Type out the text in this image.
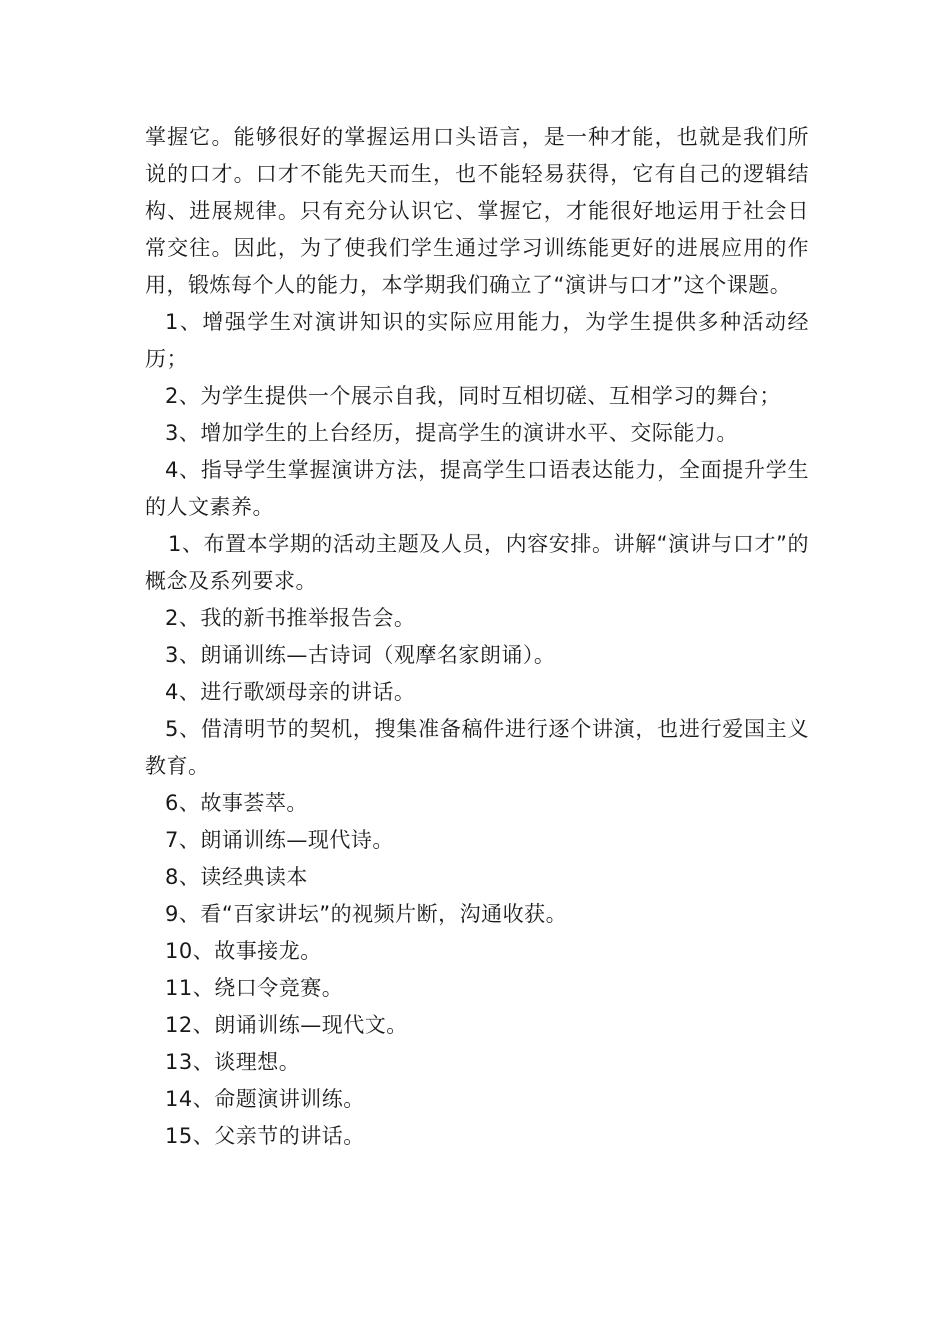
掌握它。能够很好的掌握运用口头语言，是一种才能，也就是我们所说的口才。口才不能先天而生，也不能轻易获得，它有自己的逻辑结构、进展规律。只有充分认识它、掌握它，才能很好地运用于社会日常交往。因此，为了使我们学生通过学习训练能更好的进展应用的作用，锻炼每个人的能力，本学期我们确立了“演讲与口才”这个课题。

1、增强学生对演讲知识的实际应用能力，为学生提供多种活动经历；

2、为学生提供一个展示自我，同时互相切磋、互相学习的舞台；

3、增加学生的上台经历，提高学生的演讲水平、交际能力。

4、指导学生掌握演讲方法，提高学生口语表达能力，全面提升学生的人文素养。

1、布置本学期的活动主题及人员，内容安排。讲解“演讲与口才”的概念及系列要求。

2、我的新书推举报告会。

3、朗诵训练—古诗词（观摩名家朗诵）。

4、进行歌颂母亲的讲话。

5、借清明节的契机，搜集准备稿件进行逐个讲演，也进行爱国主义教育。

6、故事荟萃。

7、朗诵训练—现代诗。

8、读经典读本

9、看“百家讲坛”的视频片断，沟通收获。

10、故事接龙。

11、绕口令竞赛。

12、朗诵训练—现代文。

13、谈理想。

14、命题演讲训练。

15、父亲节的讲话。
